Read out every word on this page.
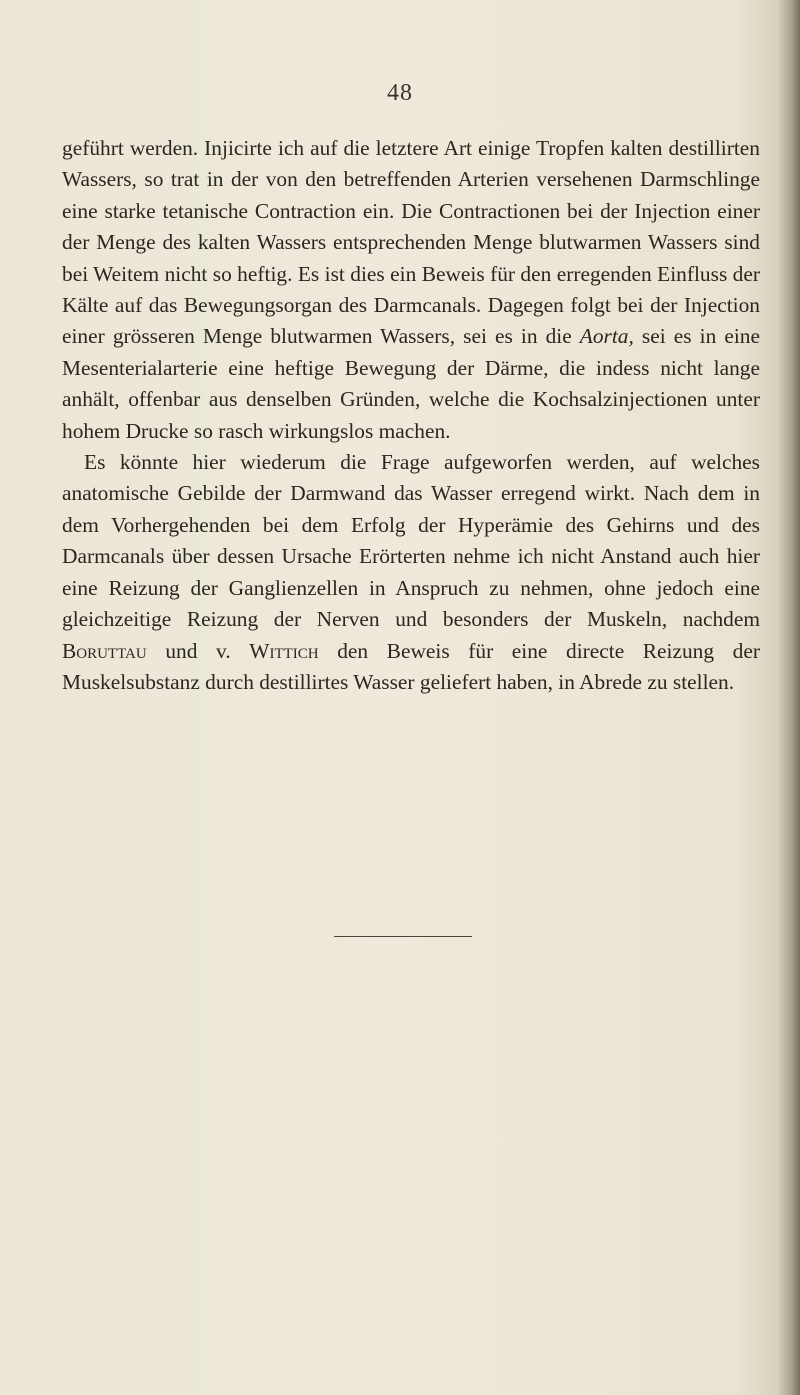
48

geführt werden. Injicirte ich auf die letztere Art einige Tropfen kalten destillirten Wassers, so trat in der von den betreffenden Arterien versehenen Darmschlinge eine starke tetanische Contraction ein. Die Contractionen bei der Injection einer der Menge des kalten Wassers entsprechenden Menge blutwarmen Wassers sind bei Weitem nicht so heftig. Es ist dies ein Beweis für den erregenden Einfluss der Kälte auf das Bewegungsorgan des Darmcanals. Dagegen folgt bei der Injection einer grösseren Menge blutwarmen Wassers, sei es in die Aorta, sei es in eine Mesenterialarterie eine heftige Bewegung der Därme, die indess nicht lange anhält, offenbar aus denselben Gründen, welche die Kochsalzinjectionen unter hohem Drucke so rasch wirkungslos machen.

Es könnte hier wiederum die Frage aufgeworfen werden, auf welches anatomische Gebilde der Darmwand das Wasser erregend wirkt. Nach dem in dem Vorhergehenden bei dem Erfolg der Hyperämie des Gehirns und des Darmcanals über dessen Ursache Erörterten nehme ich nicht Anstand auch hier eine Reizung der Ganglienzellen in Anspruch zu nehmen, ohne jedoch eine gleichzeitige Reizung der Nerven und besonders der Muskeln, nachdem Boruttau und v. Wittich den Beweis für eine directe Reizung der Muskelsubstanz durch destillirtes Wasser geliefert haben, in Abrede zu stellen.
